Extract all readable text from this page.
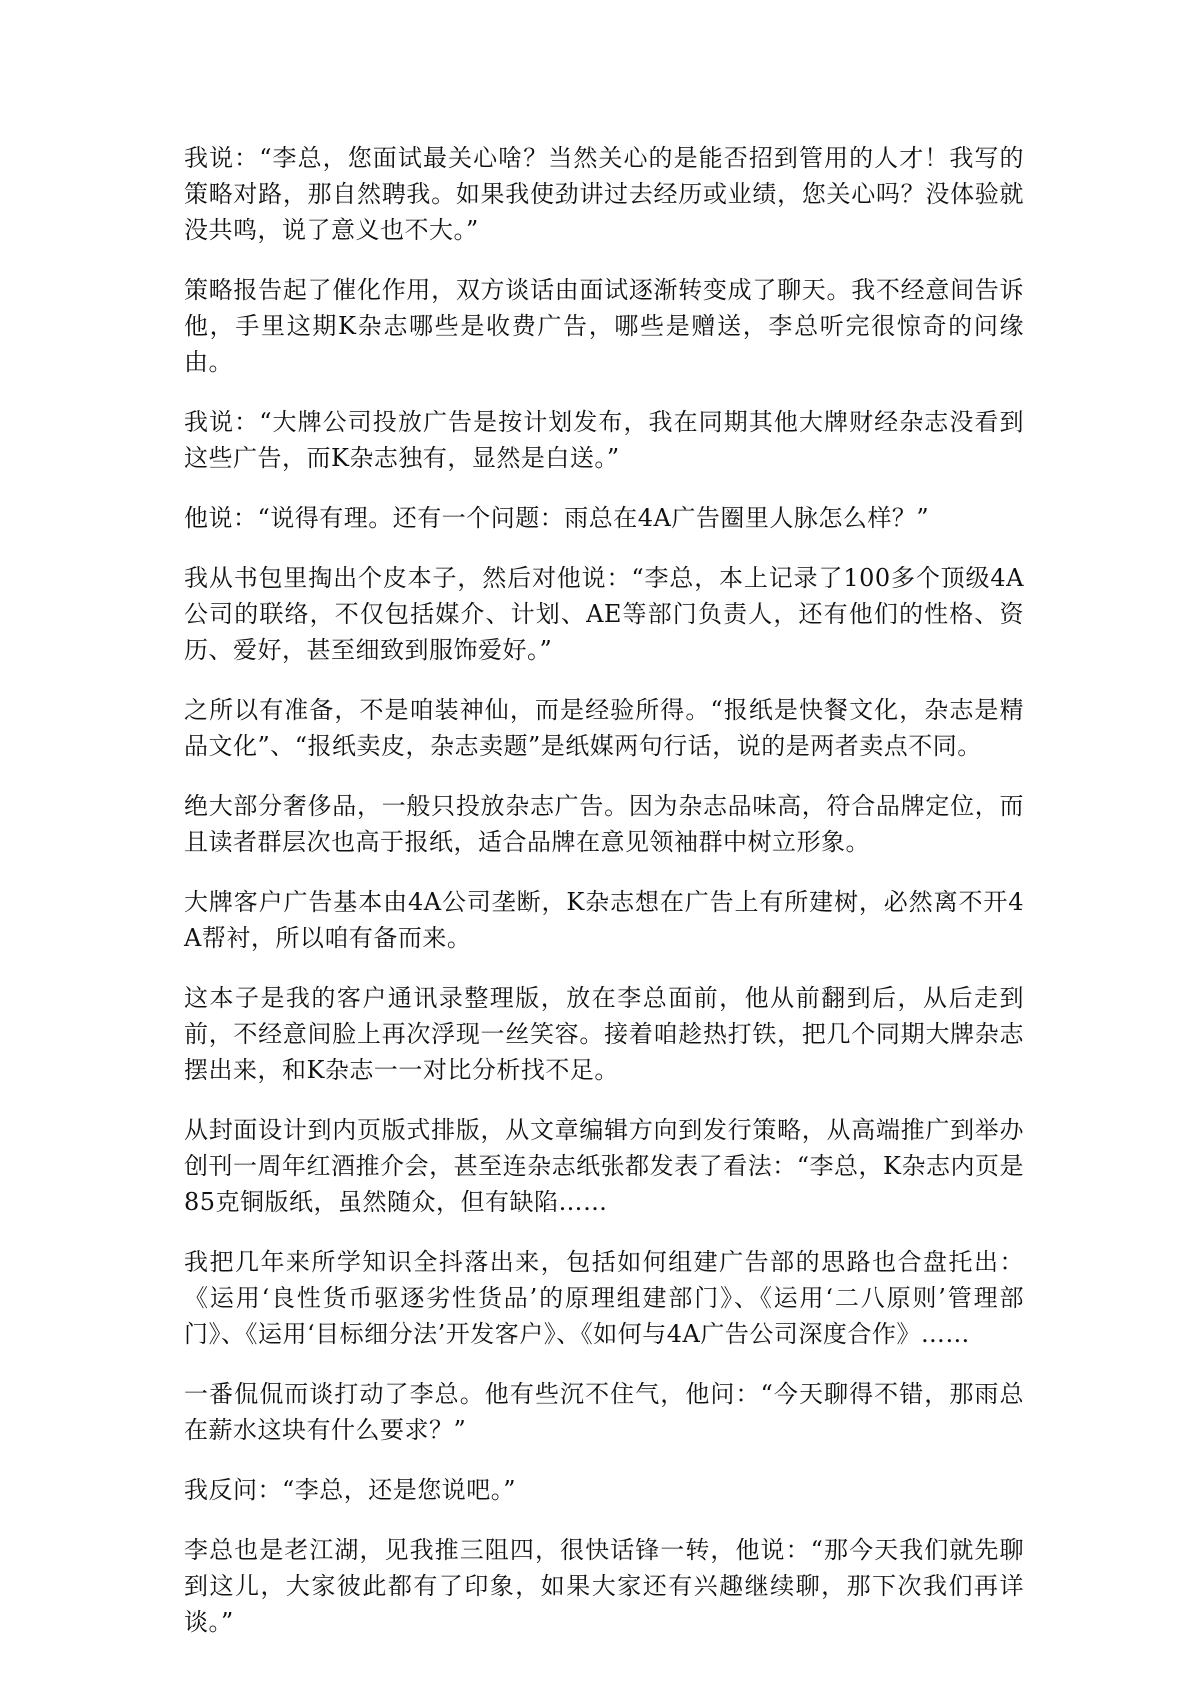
我说：“李总，您面试最关心啥？当然关心的是能否招到管用的人才！我写的策略对路，那自然聘我。如果我使劲讲过去经历或业绩，您关心吗？没体验就没共鸣，说了意义也不大。”

策略报告起了催化作用，双方谈话由面试逐渐转变成了聊天。我不经意间告诉他，手里这期K杂志哪些是收费广告，哪些是赠送，李总听完很惊奇的问缘由。

我说：“大牌公司投放广告是按计划发布，我在同期其他大牌财经杂志没看到这些广告，而K杂志独有，显然是白送。”

他说：“说得有理。还有一个问题：雨总在4A广告圈里人脉怎么样？”

我从书包里掏出个皮本子，然后对他说：“李总，本上记录了100多个顶级4A公司的联络，不仅包括媒介、计划、AE等部门负责人，还有他们的性格、资历、爱好，甚至细致到服饰爱好。”

之所以有准备，不是咱装神仙，而是经验所得。“报纸是快餐文化，杂志是精品文化”、“报纸卖皮，杂志卖题”是纸媒两句行话，说的是两者卖点不同。

绝大部分奢侈品，一般只投放杂志广告。因为杂志品味高，符合品牌定位，而且读者群层次也高于报纸，适合品牌在意见领袖群中树立形象。

大牌客户广告基本由4A公司垄断，K杂志想在广告上有所建树，必然离不开4A帮衬，所以咱有备而来。

这本子是我的客户通讯录整理版，放在李总面前，他从前翻到后，从后走到前，不经意间脸上再次浮现一丝笑容。接着咱趁热打铁，把几个同期大牌杂志摆出来，和K杂志一一对比分析找不足。

从封面设计到内页版式排版，从文章编辑方向到发行策略，从高端推广到举办创刊一周年红酒推介会，甚至连杂志纸张都发表了看法：“李总，K杂志内页是85克铜版纸，虽然随众，但有缺陷……

我把几年来所学知识全抖落出来，包括如何组建广告部的思路也合盘托出：《运用‘良性货币驱逐劣性货品’的原理组建部门》、《运用‘二八原则’管理部门》、《运用‘目标细分法’开发客户》、《如何与4A广告公司深度合作》……

一番侃侃而谈打动了李总。他有些沉不住气，他问：“今天聊得不错，那雨总在薪水这块有什么要求？”

我反问：“李总，还是您说吧。”

李总也是老江湖，见我推三阻四，很快话锋一转，他说：“那今天我们就先聊到这儿，大家彼此都有了印象，如果大家还有兴趣继续聊，那下次我们再详谈。”
